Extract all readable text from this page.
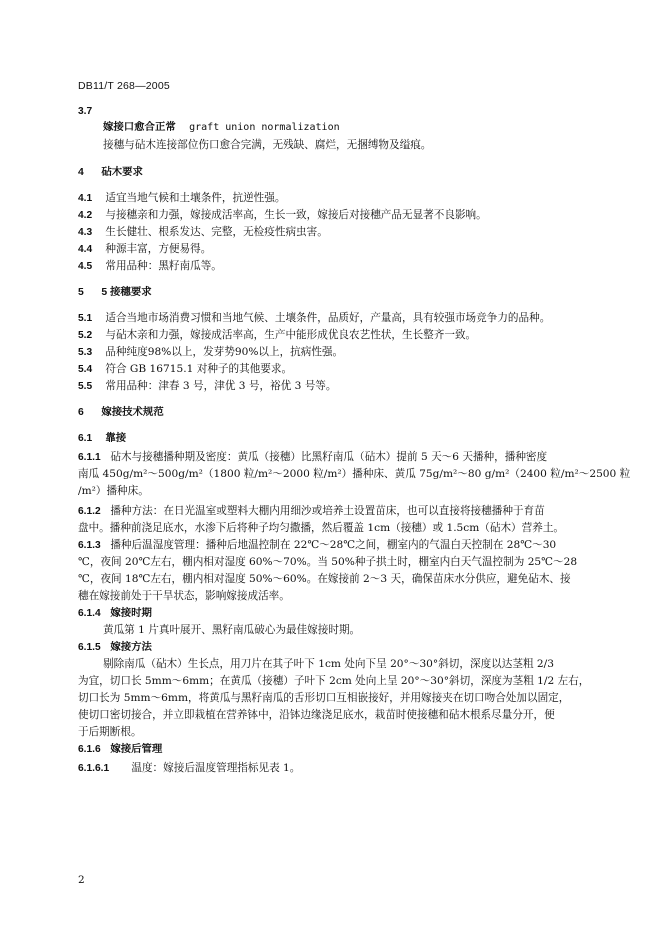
DB11/T 268—2005
3.7
嫁接口愈合正常 graft union normalization
接穗与砧木连接部位伤口愈合完满，无残缺、腐烂，无捆缚物及缢痕。
4 砧木要求
4.1 适宜当地气候和土壤条件，抗逆性强。
4.2 与接穗亲和力强，嫁接成活率高，生长一致，嫁接后对接穗产品无显著不良影响。
4.3 生长健壮、根系发达、完整，无检疫性病虫害。
4.4 种源丰富，方便易得。
4.5 常用品种：黑籽南瓜等。
5 5 接穗要求
5.1 适合当地市场消费习惯和当地气候、土壤条件，品质好，产量高，具有较强市场竞争力的品种。
5.2 与砧木亲和力强，嫁接成活率高，生产中能形成优良农艺性状，生长整齐一致。
5.3 品种纯度98%以上，发芽势90%以上，抗病性强。
5.4 符合 GB 16715.1 对种子的其他要求。
5.5 常用品种：津春 3 号，津优 3 号，裕优 3 号等。
6 嫁接技术规范
6.1 靠接
6.1.1 砧木与接穗播种期及密度：黄瓜（接穗）比黑籽南瓜（砧木）提前 5 天～6 天播种，播种密度
南瓜 450g/m²～500g/m²（1800 粒/m²～2000 粒/m²）播种床、黄瓜 75g/m²～80 g/m²（2400 粒/m²～2500 粒
/m²）播种床。
6.1.2 播种方法：在日光温室或塑料大棚内用细沙或培养土设置苗床，也可以直接将接穗播种于育苗
盘中。播种前浇足底水，水渗下后将种子均匀撒播，然后覆盖 1cm（接穗）或 1.5cm（砧木）营养土。
6.1.3 播种后温湿度管理：播种后地温控制在 22℃～28℃之间，棚室内的气温白天控制在 28℃～30
℃，夜间 20℃左右，棚内相对湿度 60%～70%。当 50%种子拱土时，棚室内白天气温控制为 25℃～28
℃，夜间 18℃左右，棚内相对湿度 50%～60%。在嫁接前 2～3 天，确保苗床水分供应，避免砧木、接
穗在嫁接前处于干旱状态，影响嫁接成活率。
6.1.4 嫁接时期
黄瓜第 1 片真叶展开、黑籽南瓜破心为最佳嫁接时期。
6.1.5 嫁接方法
剔除南瓜（砧木）生长点，用刀片在其子叶下 1cm 处向下呈 20°～30°斜切，深度以达茎粗 2/3
为宜，切口长 5mm～6mm；在黄瓜（接穗）子叶下 2cm 处向上呈 20°～30°斜切，深度为茎粗 1/2 左右，
切口长为 5mm～6mm，将黄瓜与黑籽南瓜的舌形切口互相嵌接好，并用嫁接夹在切口吻合处加以固定，
使切口密切接合，并立即栽植在营养钵中，沿钵边缘浇足底水，栽苗时使接穗和砧木根系尽量分开，便
于后期断根。
6.1.6 嫁接后管理
6.1.6.1 温度：嫁接后温度管理指标见表 1。
2
